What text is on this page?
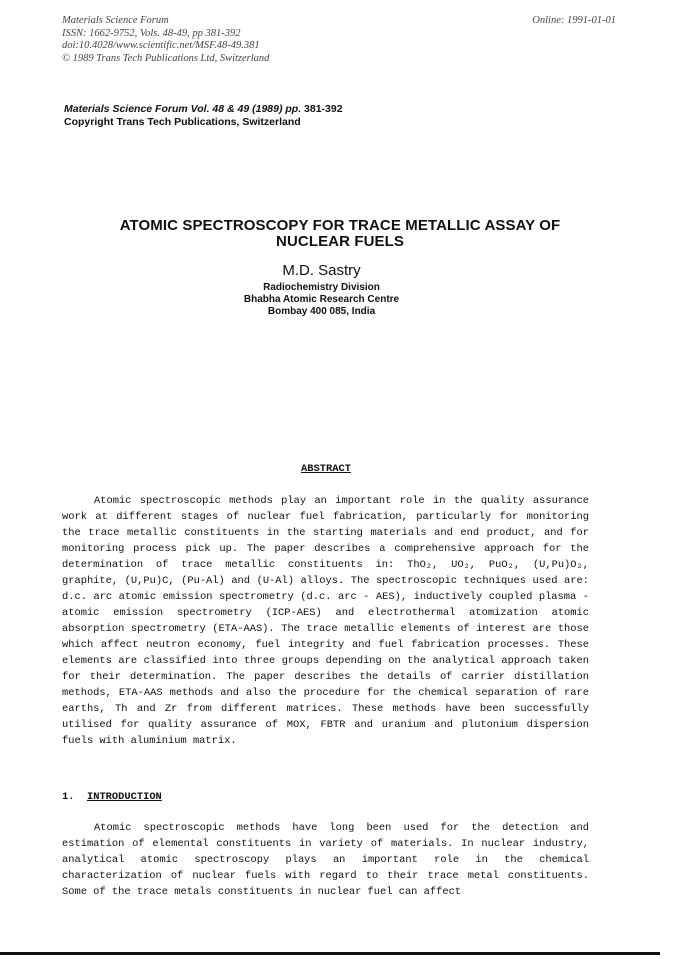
Materials Science Forum
ISSN: 1662-9752, Vols. 48-49, pp 381-392
doi:10.4028/www.scientific.net/MSF.48-49.381
© 1989 Trans Tech Publications Ltd, Switzerland
Online: 1991-01-01
Materials Science Forum Vol. 48 & 49 (1989) pp. 381-392
Copyright Trans Tech Publications, Switzerland
ATOMIC SPECTROSCOPY FOR TRACE METALLIC ASSAY OF
NUCLEAR FUELS
M.D. Sastry
Radiochemistry Division
Bhabha Atomic Research Centre
Bombay 400 085, India
ABSTRACT
Atomic spectroscopic methods play an important role in the quality assurance work at different stages of nuclear fuel fabrication, particularly for monitoring the trace metallic constituents in the starting materials and end product, and for monitoring process pick up. The paper describes a comprehensive approach for the determination of trace metallic constituents in: ThO₂, UO₂, PuO₂, (U,Pu)O₂, graphite, (U,Pu)C, (Pu-Al) and (U-Al) alloys. The spectroscopic techniques used are: d.c. arc atomic emission spectrometry (d.c. arc - AES), inductively coupled plasma - atomic emission spectrometry (ICP-AES) and electrothermal atomization atomic absorption spectrometry (ETA-AAS). The trace metallic elements of interest are those which affect neutron economy, fuel integrity and fuel fabrication processes. These elements are classified into three groups depending on the analytical approach taken for their determination. The paper describes the details of carrier distillation methods, ETA-AAS methods and also the procedure for the chemical separation of rare earths, Th and Zr from different matrices. These methods have been successfully utilised for quality assurance of MOX, FBTR and uranium and plutonium dispersion fuels with aluminium matrix.
1. INTRODUCTION
Atomic spectroscopic methods have long been used for the detection and estimation of elemental constituents in variety of materials. In nuclear industry, analytical atomic spectroscopy plays an important role in the chemical characterization of nuclear fuels with regard to their trace metal constituents. Some of the trace metals constituents in nuclear fuel can affect
